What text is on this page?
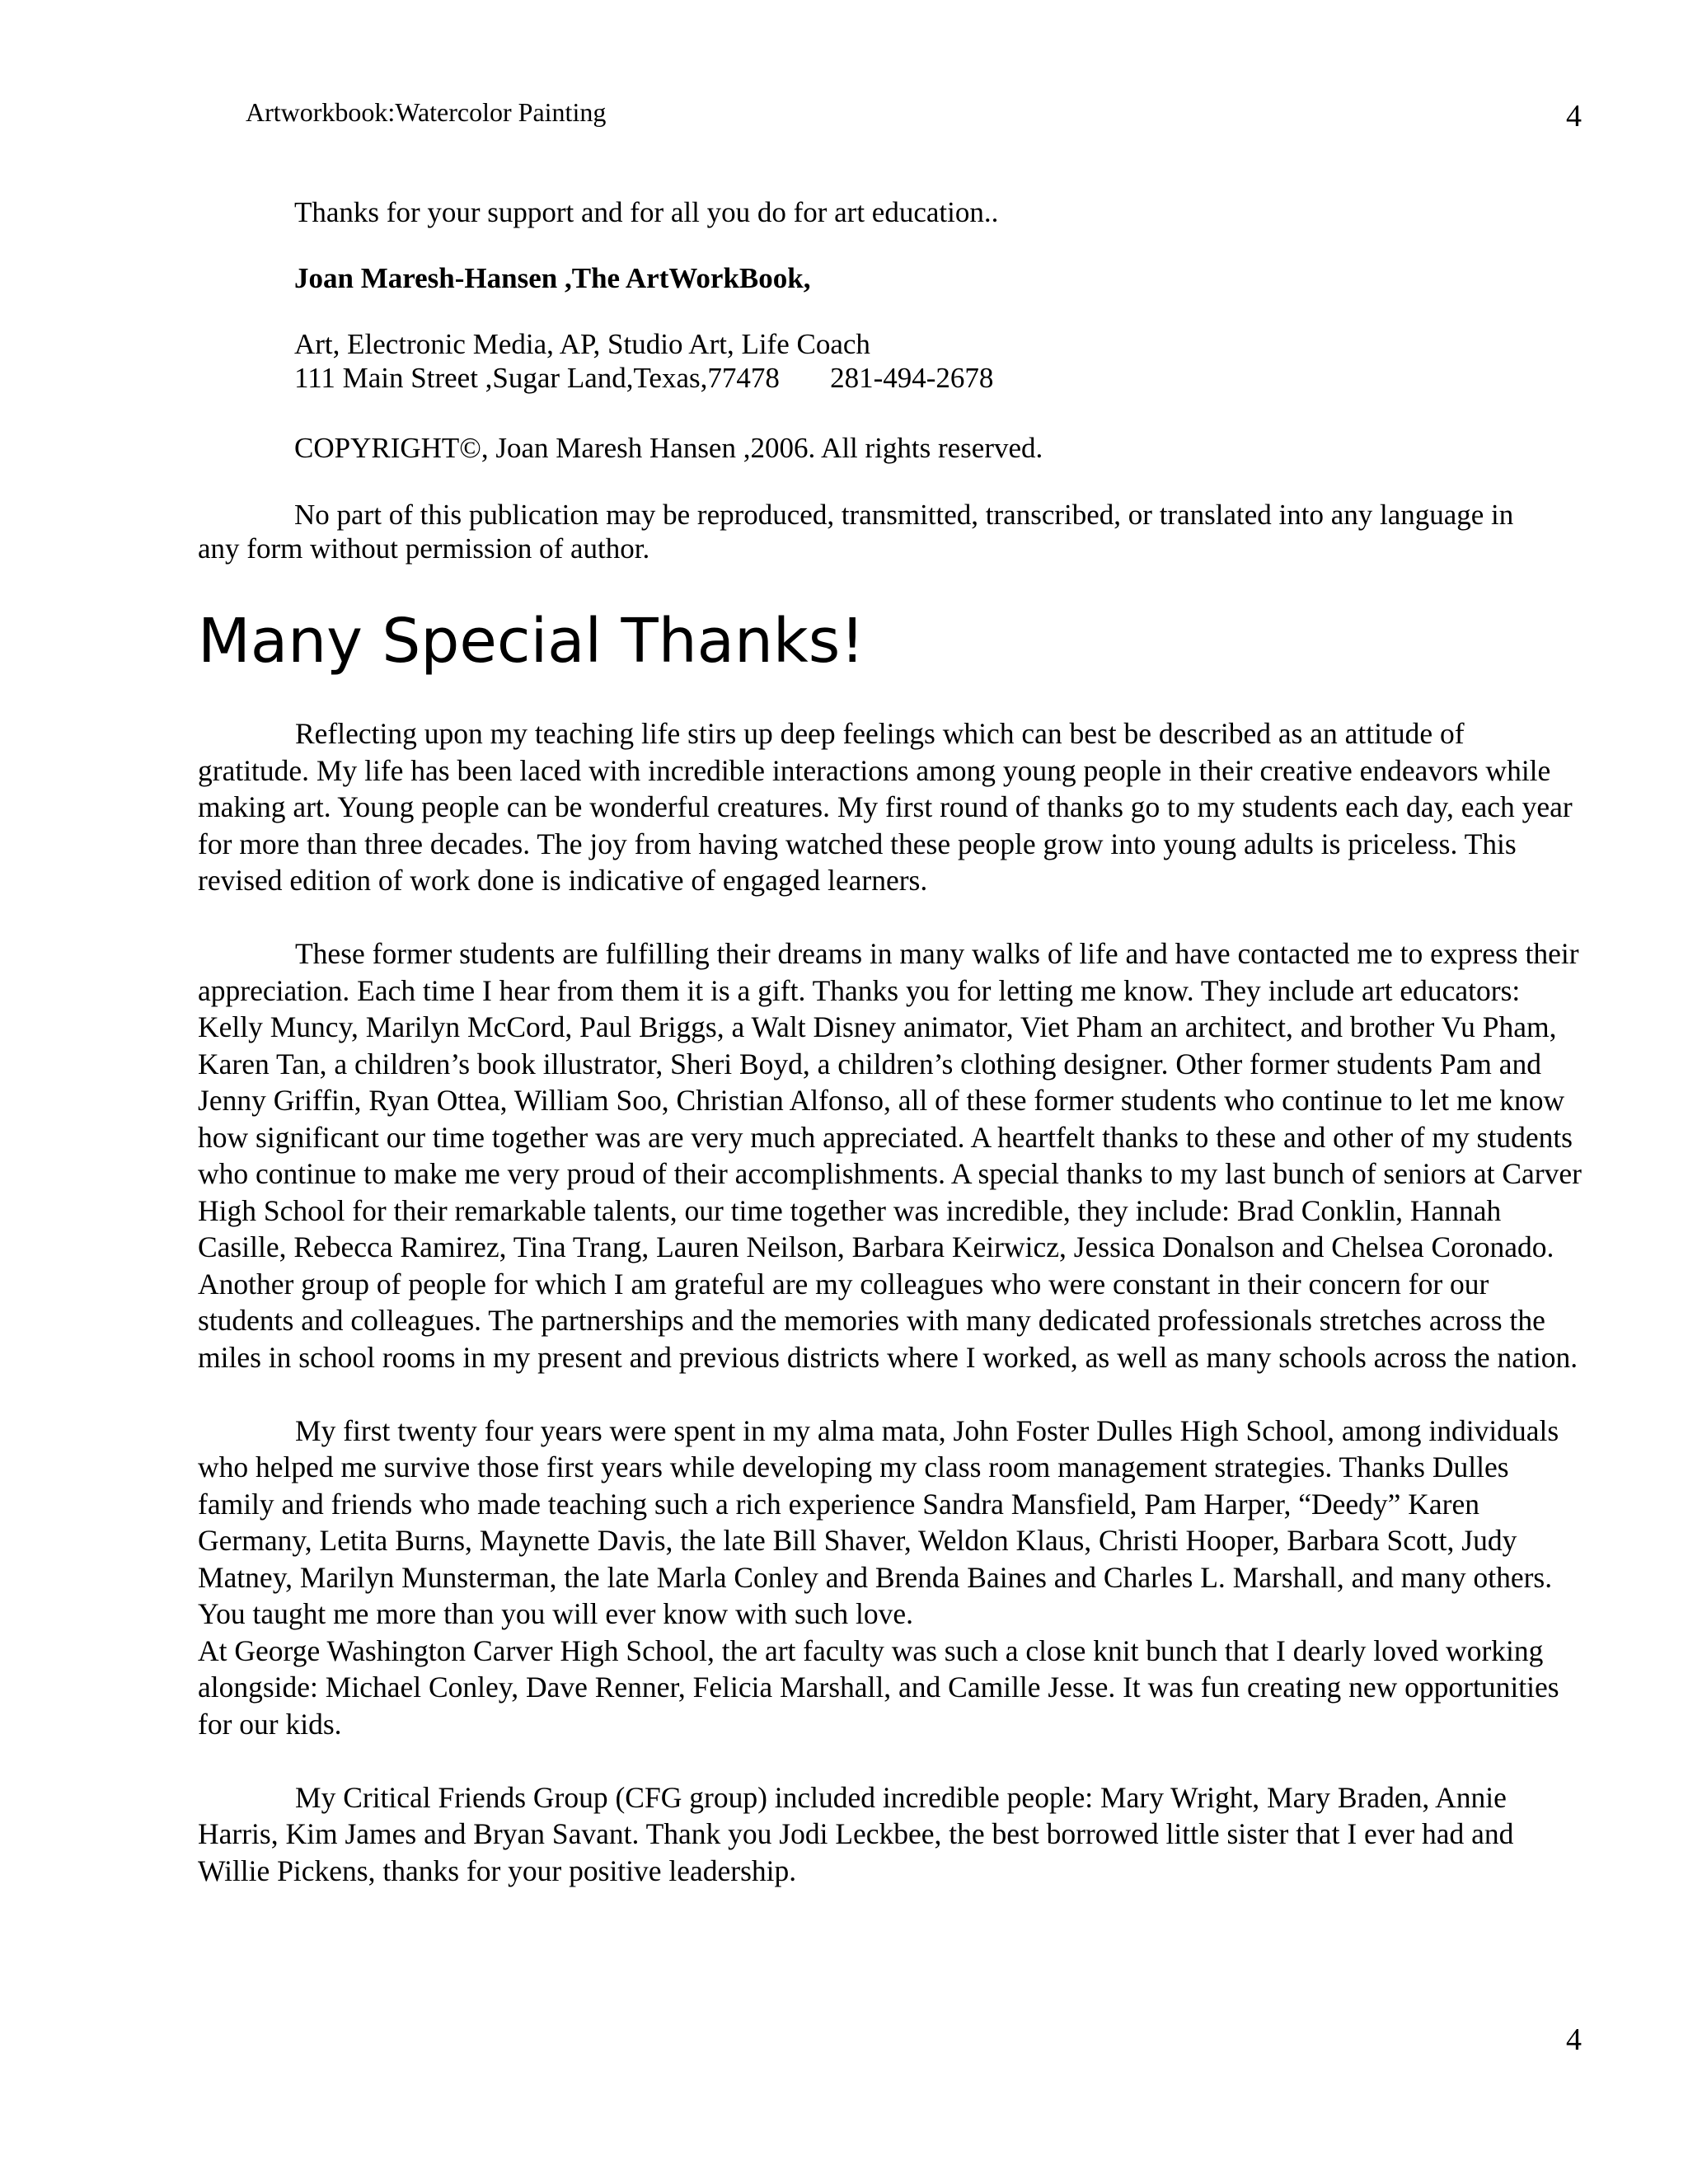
Artworkbook:Watercolor Painting	4
Thanks for your support and for all you do for art education..
Joan Maresh-Hansen ,The ArtWorkBook,
Art, Electronic Media, AP, Studio Art, Life Coach
111 Main Street ,Sugar Land,Texas,77478       281-494-2678
COPYRIGHT©, Joan Maresh Hansen ,2006. All rights reserved.
No part of this publication may be reproduced, transmitted, transcribed, or translated into any language in
any form without permission of author.
Many Special Thanks!

Reflecting upon my teaching life stirs up deep feelings which can best be described as an attitude of gratitude. My life has been laced with incredible interactions among young people in their creative endeavors while making art. Young people can be wonderful creatures. My first round of thanks go to my students each day, each year for more than three decades. The joy from having watched these people grow into young adults is priceless. This revised edition of work done is indicative of engaged learners.

These former students are fulfilling their dreams in many walks of life and have contacted me to express their appreciation. Each time I hear from them it is a gift. Thanks you for letting me know. They include art educators: Kelly Muncy, Marilyn McCord, Paul Briggs, a Walt Disney animator, Viet Pham an architect, and brother Vu Pham, Karen Tan, a children’s book illustrator, Sheri Boyd, a children’s clothing designer. Other former students Pam and Jenny Griffin, Ryan Ottea, William Soo, Christian Alfonso, all of these former students who continue to let me know how significant our time together was are very much appreciated. A heartfelt thanks to these and other of my students who continue to make me very proud of their accomplishments. A special thanks to my last bunch of seniors at Carver High School for their remarkable talents, our time together was incredible, they include: Brad Conklin, Hannah Casille, Rebecca Ramirez, Tina Trang, Lauren Neilson, Barbara Keirwicz, Jessica Donalson and Chelsea Coronado. Another group of people for which I am grateful are my colleagues who were constant in their concern for our students and colleagues. The partnerships and the memories with many dedicated professionals stretches across the miles in school rooms in my present and previous districts where I worked, as well as many schools across the nation.

My first twenty four years were spent in my alma mata, John Foster Dulles High School, among individuals who helped me survive those first years while developing my class room management strategies. Thanks Dulles family and friends who made teaching such a rich experience Sandra Mansfield, Pam Harper, “Deedy” Karen Germany, Letita Burns, Maynette Davis, the late Bill Shaver, Weldon Klaus, Christi Hooper, Barbara Scott, Judy Matney, Marilyn Munsterman, the late Marla Conley and Brenda Baines and Charles L. Marshall, and many others. You taught me more than you will ever know with such love.

At George Washington Carver High School, the art faculty was such a close knit bunch that I dearly loved working alongside: Michael Conley, Dave Renner, Felicia Marshall, and Camille Jesse. It was fun creating new opportunities for our kids.

My Critical Friends Group (CFG group) included incredible people: Mary Wright, Mary Braden, Annie Harris, Kim James and Bryan Savant. Thank you Jodi Leckbee, the best borrowed little sister that I ever had and Willie Pickens, thanks for your positive leadership.

4
